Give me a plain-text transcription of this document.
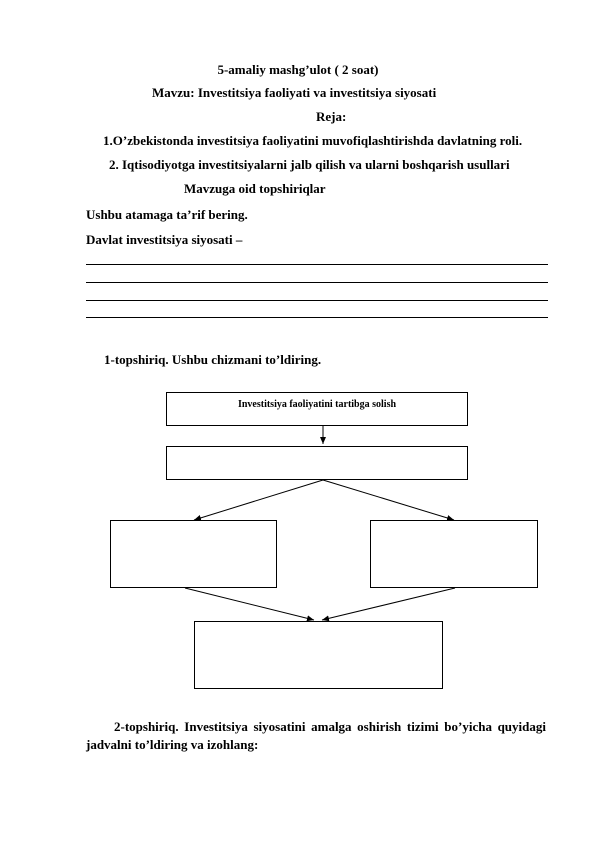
5-amaliy mashg’ulot ( 2 soat)
Mavzu: Investitsiya faoliyati va investitsiya siyosati
Reja:
1.O’zbekistonda investitsiya faoliyatini muvofiqlashtirishda davlatning roli.
2. Iqtisodiyotga investitsiyalarni jalb qilish va ularni boshqarish usullari
Mavzuga oid topshiriqlar
Ushbu atamaga ta’rif bering.
Davlat investitsiya siyosati –
1-topshiriq. Ushbu chizmani to’ldiring.
Investitsiya faoliyatini tartibga solish
2-topshiriq. Investitsiya siyosatini amalga oshirish tizimi bo’yicha quyidagi jadvalni to’ldiring va izohlang:
